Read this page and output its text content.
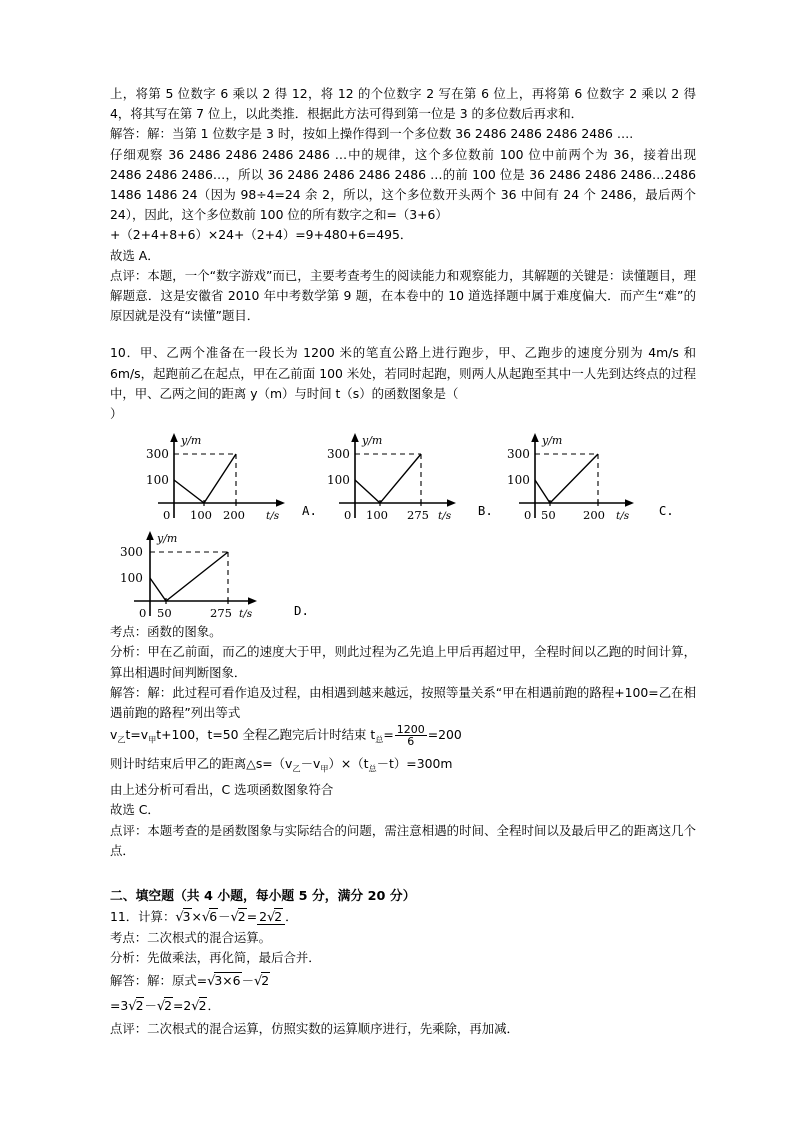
上，将第 5 位数字 6 乘以 2 得 12，将 12 的个位数字 2 写在第 6 位上，再将第 6 位数字 2 乘以 2 得 4，将其写在第 7 位上，以此类推．根据此方法可得到第一位是 3 的多位数后再求和．

解答：解：当第 1 位数字是 3 时，按如上操作得到一个多位数 36 2486 2486 2486 2486 ….

仔细观察 36 2486 2486 2486 2486 …中的规律，这个多位数前 100 位中前两个为 36，接着出现 2486 2486 2486…，所以 36 2486 2486 2486 2486 …的前 100 位是 36 2486 2486 2486…2486 1486 1486 24（因为 98÷4=24 余 2，所以，这个多位数开头两个 36 中间有 24 个 2486，最后两个 24），因此，这个多位数前 100 位的所有数字之和=（3+6）

+（2+4+8+6）×24+（2+4）=9+480+6=495．

故选 A．

点评：本题，一个“数字游戏”而已，主要考查考生的阅读能力和观察能力，其解题的关键是：读懂题目，理解题意．这是安徽省 2010 年中考数学第 9 题，在本卷中的 10 道选择题中属于难度偏大．而产生“难”的原因就是没有“读懂”题目．

10．甲、乙两个准备在一段长为 1200 米的笔直公路上进行跑步，甲、乙跑步的速度分别为 4m/s 和 6m/s，起跑前乙在起点，甲在乙前面 100 米处，若同时起跑，则两人从起跑至其中一人先到达终点的过程中，甲、乙两之间的距离 y（m）与时间 t（s）的函数图象是（

）

y/m
t/s
300
100
0 100 200	A.
y/m
t/s
300
100
0 100 275	B.
y/m
t/s
300
100
0 50 200	C.
y/m
t/s
300
100
0 50	275	D.

考点：函数的图象。

分析：甲在乙前面，而乙的速度大于甲，则此过程为乙先追上甲后再超过甲，全程时间以乙跑的时间计算，算出相遇时间判断图象．

解答：解：此过程可看作追及过程，由相遇到越来越远，按照等量关系“甲在相遇前跑的路程+100=乙在相遇前跑的路程”列出等式

$v_乙t=v_甲t+100$，t=50 全程乙跑完后计时结束 $t_总= \frac{1200}{6} =200$

则计时结束后甲乙的距离$\triangle s=(v_乙-v_甲)\times(t_总-t)=300m$

由上述分析可看出，C 选项函数图象符合

故选 C．

点评：本题考查的是函数图象与实际结合的问题，需注意相遇的时间、全程时间以及最后甲乙的距离这几个点．

二、填空题（共 4 小题，每小题 5 分，满分 20 分）

11．计算：√3×√6－√2= 2√2 ．

考点：二次根式的混合运算。

分析：先做乘法，再化简，最后合并．

解答：解：原式=√3×6－√2

=3√2－√2=2√2．

点评：二次根式的混合运算，仿照实数的运算顺序进行，先乘除，再加减．
